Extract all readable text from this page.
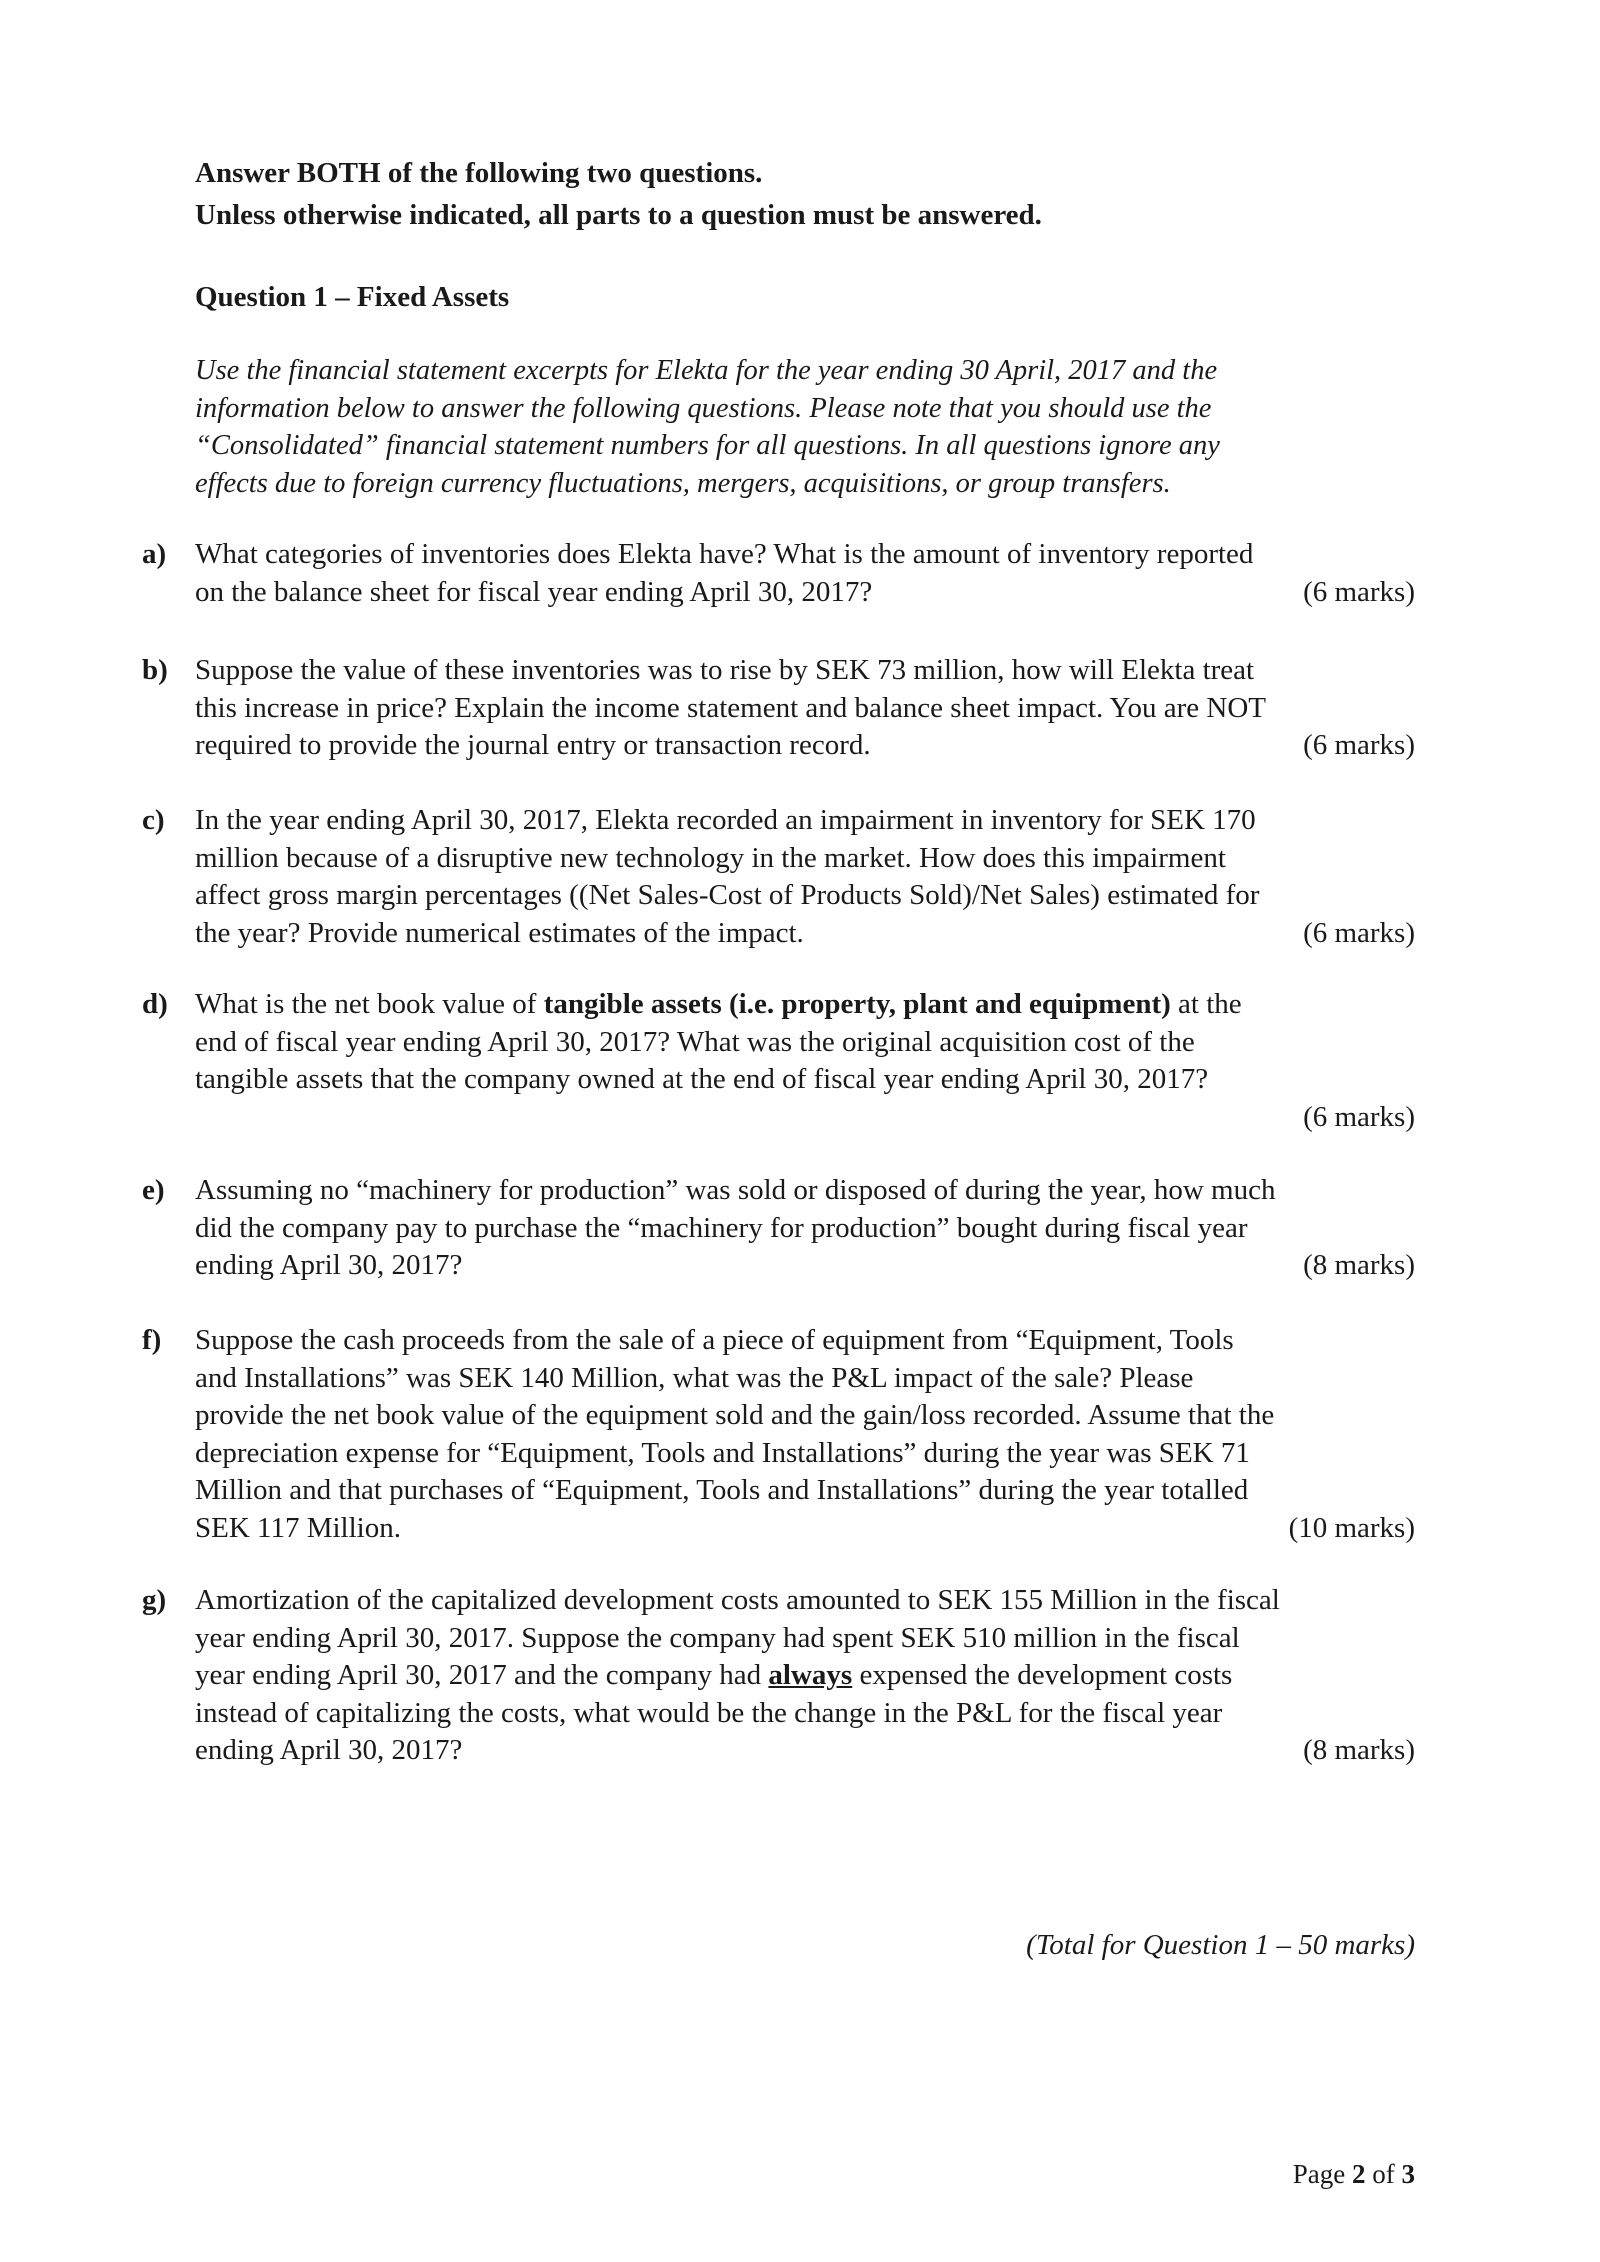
Answer BOTH of the following two questions.
Unless otherwise indicated, all parts to a question must be answered.
Question 1 – Fixed Assets
Use the financial statement excerpts for Elekta for the year ending 30 April, 2017 and the
information below to answer the following questions. Please note that you should use the
“Consolidated” financial statement numbers for all questions. In all questions ignore any
effects due to foreign currency fluctuations, mergers, acquisitions, or group transfers.
a) What categories of inventories does Elekta have? What is the amount of inventory reported
on the balance sheet for fiscal year ending April 30, 2017?	(6 marks)
b) Suppose the value of these inventories was to rise by SEK 73 million, how will Elekta treat
this increase in price? Explain the income statement and balance sheet impact. You are NOT
required to provide the journal entry or transaction record.	(6 marks)
c) In the year ending April 30, 2017, Elekta recorded an impairment in inventory for SEK 170
million because of a disruptive new technology in the market. How does this impairment
affect gross margin percentages ((Net Sales-Cost of Products Sold)/Net Sales) estimated for
the year? Provide numerical estimates of the impact.	(6 marks)
d) What is the net book value of tangible assets (i.e. property, plant and equipment) at the
end of fiscal year ending April 30, 2017? What was the original acquisition cost of the
tangible assets that the company owned at the end of fiscal year ending April 30, 2017?
(6 marks)
e) Assuming no “machinery for production” was sold or disposed of during the year, how much
did the company pay to purchase the “machinery for production” bought during fiscal year
ending April 30, 2017?	(8 marks)
f) Suppose the cash proceeds from the sale of a piece of equipment from “Equipment, Tools
and Installations” was SEK 140 Million, what was the P&L impact of the sale? Please
provide the net book value of the equipment sold and the gain/loss recorded. Assume that the
depreciation expense for “Equipment, Tools and Installations” during the year was SEK 71
Million and that purchases of “Equipment, Tools and Installations” during the year totalled
SEK 117 Million.	(10 marks)
g) Amortization of the capitalized development costs amounted to SEK 155 Million in the fiscal
year ending April 30, 2017. Suppose the company had spent SEK 510 million in the fiscal
year ending April 30, 2017 and the company had always expensed the development costs
instead of capitalizing the costs, what would be the change in the P&L for the fiscal year
ending April 30, 2017?	(8 marks)
(Total for Question 1 – 50 marks)
Page 2 of 3
